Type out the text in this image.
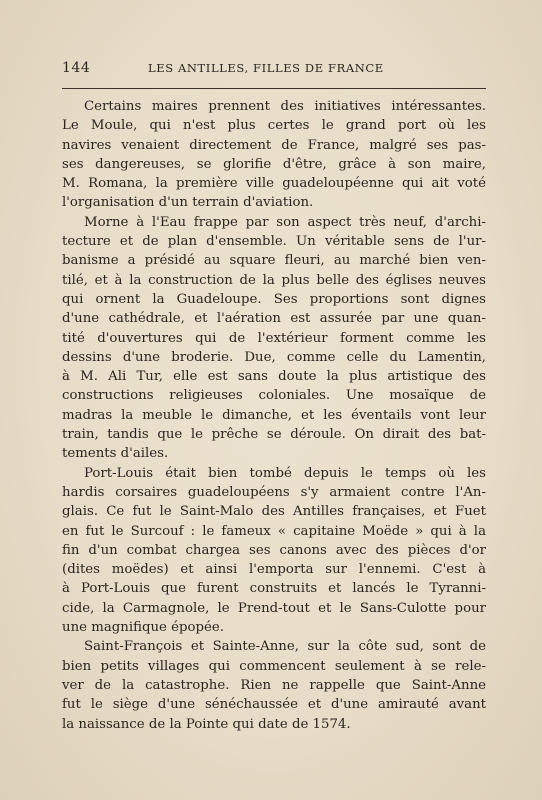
144	LES ANTILLES, FILLES DE FRANCE

Certains maires prennent des initiatives intéressantes.
Le Moule, qui n'est plus certes le grand port où les
navires venaient directement de France, malgré ses pas-
ses dangereuses, se glorifie d'être, grâce à son maire,
M. Romana, la première ville guadeloupéenne qui ait voté
l'organisation d'un terrain d'aviation.

Morne à l'Eau frappe par son aspect très neuf, d'archi-
tecture et de plan d'ensemble. Un véritable sens de l'ur-
banisme a présidé au square fleuri, au marché bien ven-
tilé, et à la construction de la plus belle des églises neuves
qui ornent la Guadeloupe. Ses proportions sont dignes
d'une cathédrale, et l'aération est assurée par une quan-
tité d'ouvertures qui de l'extérieur forment comme les
dessins d'une broderie. Due, comme celle du Lamentin,
à M. Ali Tur, elle est sans doute la plus artistique des
constructions religieuses coloniales. Une mosaïque de
madras la meuble le dimanche, et les éventails vont leur
train, tandis que le prêche se déroule. On dirait des bat-
tements d'ailes.

Port-Louis était bien tombé depuis le temps où les
hardis corsaires guadeloupéens s'y armaient contre l'An-
glais. Ce fut le Saint-Malo des Antilles françaises, et Fuet
en fut le Surcouf : le fameux « capitaine Moëde » qui à la
fin d'un combat chargea ses canons avec des pièces d'or
(dites moëdes) et ainsi l'emporta sur l'ennemi. C'est à
à Port-Louis que furent construits et lancés le Tyranni-
cide, la Carmagnole, le Prend-tout et le Sans-Culotte pour
une magnifique épopée.

Saint-François et Sainte-Anne, sur la côte sud, sont de
bien petits villages qui commencent seulement à se rele-
ver de la catastrophe. Rien ne rappelle que Saint-Anne
fut le siège d'une sénéchaussée et d'une amirauté avant
la naissance de la Pointe qui date de 1574.
